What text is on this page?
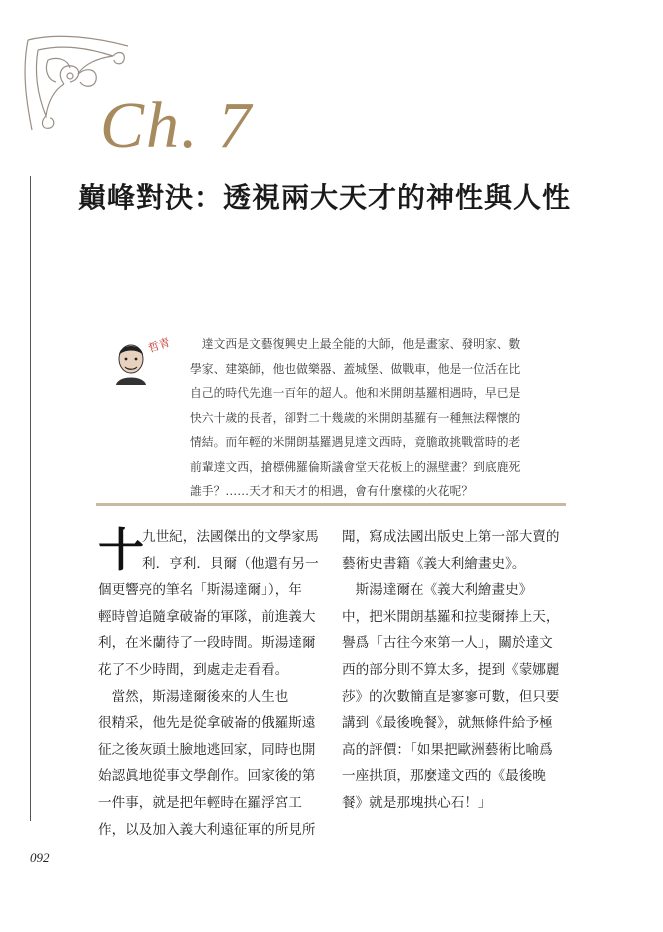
Ch. 7
巔峰對決：透視兩大天才的神性與人性
哲青 　達文西是文藝復興史上最全能的大師，他是畫家、發明家、數
學家、建築師，他也做樂器、蓋城堡、做戰車，他是一位活在比
自己的時代先進一百年的超人。他和米開朗基羅相遇時，早已是
快六十歲的長者，卻對二十幾歲的米開朗基羅有一種無法釋懷的
情結。而年輕的米開朗基羅遇見達文西時，竟膽敢挑戰當時的老
前輩達文西，搶標佛羅倫斯議會堂天花板上的濕壁畫？到底鹿死
誰手？……天才和天才的相遇，會有什麼樣的火花呢？

十
九世紀，法國傑出的文學家馬
利．亨利．貝爾（他還有另一
個更響亮的筆名「斯湯達爾」），年
輕時曾追隨拿破崙的軍隊，前進義大
利，在米蘭待了一段時間。斯湯達爾
花了不少時間，到處走走看看。
　當然，斯湯達爾後來的人生也
很精采，他先是從拿破崙的俄羅斯遠
征之後灰頭土臉地逃回家，同時也開
始認眞地從事文學創作。回家後的第
一件事，就是把年輕時在羅浮宮工
作，以及加入義大利遠征軍的所見所
聞，寫成法國出版史上第一部大賣的
藝術史書籍《義大利繪畫史》。
　斯湯達爾在《義大利繪畫史》
中，把米開朗基羅和拉斐爾捧上天，
譽爲「古往今來第一人」，關於達文
西的部分則不算太多，提到《蒙娜麗
莎》的次數簡直是寥寥可數，但只要
講到《最後晚餐》，就無條件給予極
高的評價：「如果把歐洲藝術比喻爲
一座拱頂，那麼達文西的《最後晚
餐》就是那塊拱心石！」
092
